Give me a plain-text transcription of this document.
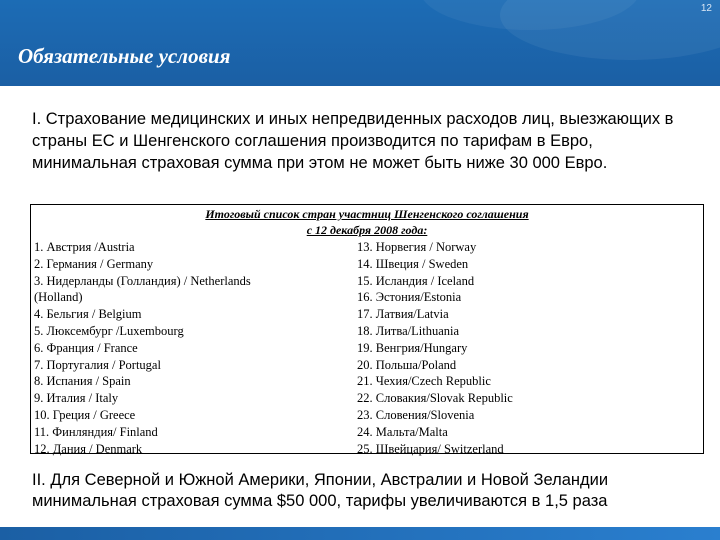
12
Обязательные условия

I. Страхование медицинских и иных непредвиденных расходов лиц, выезжающих в страны ЕС и Шенгенского соглашения производится по тарифам в Евро, минимальная страховая сумма при этом не может быть ниже 30 000 Евро.

Итоговый список стран участниц Шенгенского соглашения
с 12 декабря 2008 года:
1. Австрия /Austria
2. Германия / Germany
3. Нидерланды (Голландия) / Netherlands
(Holland)
4. Бельгия / Belgium
5. Люксембург /Luxembourg
6. Франция / France
7. Португалия / Portugal
8. Испания / Spain
9. Италия / Italy
10. Греция / Greece
11. Финляндия/ Finland
12. Дания / Denmark
13. Норвегия / Norway
14. Швеция / Sweden
15. Исландия / Iceland
16. Эстония/Estonia
17. Латвия/Latvia
18. Литва/Lithuania
19. Венгрия/Hungary
20. Польша/Poland
21. Чехия/Czech Republic
22. Словакия/Slovak Republic
23. Словения/Slovenia
24. Мальта/Malta
25. Швейцария/ Switzerland

II. Для Северной и Южной Америки, Японии, Австралии и Новой Зеландии минимальная страховая сумма $50 000, тарифы увеличиваются в 1,5 раза
